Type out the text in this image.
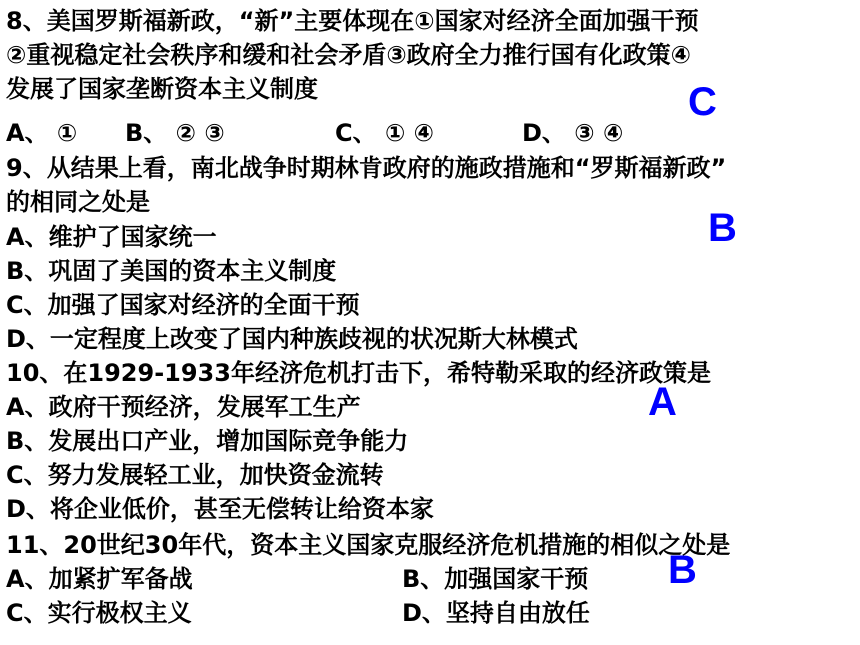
8、美国罗斯福新政，“新”主要体现在①国家对经济全面加强干预
②重视稳定社会秩序和缓和社会矛盾③政府全力推行国有化政策④
发展了国家垄断资本主义制度
A、 ① B、 ② ③	C、 ① ④	D、 ③ ④
C
9、从结果上看，南北战争时期林肯政府的施政措施和“罗斯福新政”
的相同之处是
A、维护了国家统一
B、巩固了美国的资本主义制度
C、加强了国家对经济的全面干预
D、一定程度上改变了国内种族歧视的状况斯大林模式
B
10、在1929-1933年经济危机打击下，希特勒采取的经济政策是
A、政府干预经济，发展军工生产
B、发展出口产业，增加国际竞争能力
C、努力发展轻工业，加快资金流转
D、将企业低价，甚至无偿转让给资本家
A
11、20世纪30年代，资本主义国家克服经济危机措施的相似之处是
A、加紧扩军备战	B、加强国家干预
C、实行极权主义	D、坚持自由放任
B
